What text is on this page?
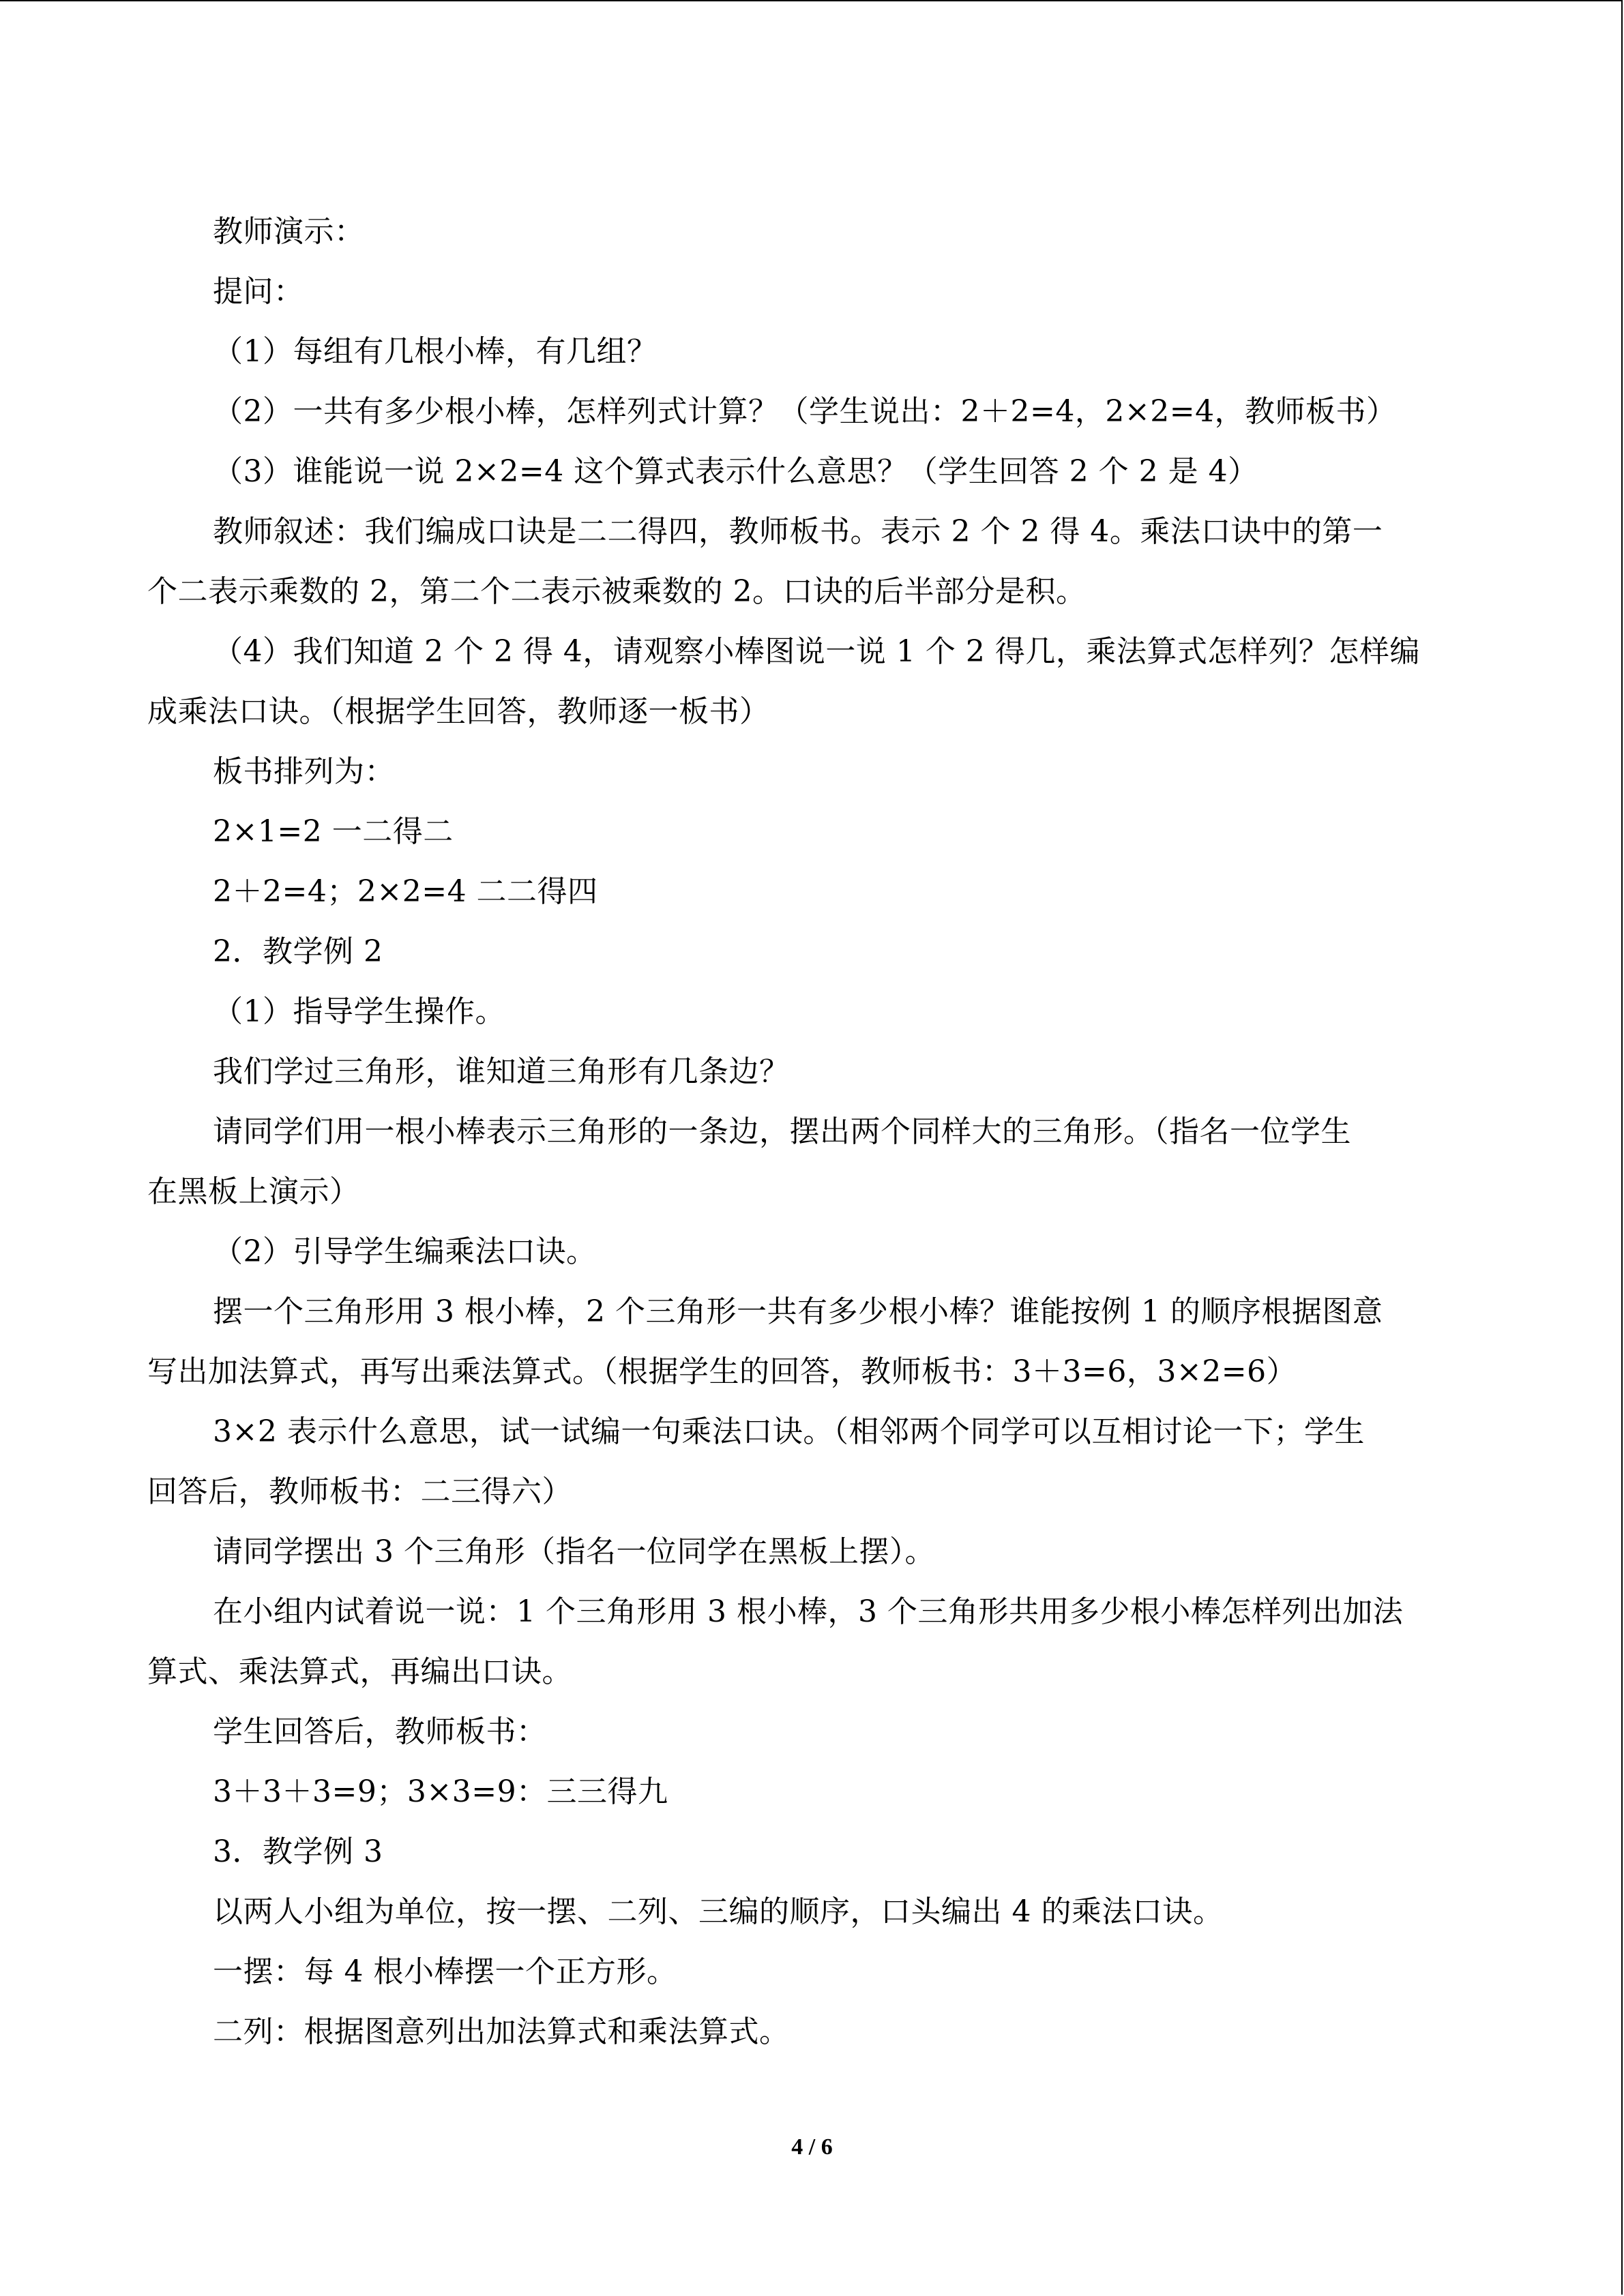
教师演示：

提问：

（1）每组有几根小棒，有几组？

（2）一共有多少根小棒，怎样列式计算？（学生说出：2＋2=4，2×2=4，教师板书）

（3）谁能说一说 2×2=4 这个算式表示什么意思？（学生回答 2 个 2 是 4）

教师叙述：我们编成口诀是二二得四，教师板书。表示 2 个 2 得 4。乘法口诀中的第一

个二表示乘数的 2，第二个二表示被乘数的 2。口诀的后半部分是积。

（4）我们知道 2 个 2 得 4，请观察小棒图说一说 1 个 2 得几，乘法算式怎样列？怎样编

成乘法口诀。（根据学生回答，教师逐一板书）

板书排列为：

2×1=2 一二得二

2＋2=4；2×2=4 二二得四

2．教学例 2

（1）指导学生操作。

我们学过三角形，谁知道三角形有几条边？

请同学们用一根小棒表示三角形的一条边，摆出两个同样大的三角形。（指名一位学生

在黑板上演示）

（2）引导学生编乘法口诀。

摆一个三角形用 3 根小棒，2 个三角形一共有多少根小棒？谁能按例 1 的顺序根据图意

写出加法算式，再写出乘法算式。（根据学生的回答，教师板书：3＋3=6，3×2=6）

3×2 表示什么意思，试一试编一句乘法口诀。（相邻两个同学可以互相讨论一下；学生

回答后，教师板书：二三得六）

请同学摆出 3 个三角形（指名一位同学在黑板上摆）。

在小组内试着说一说：1 个三角形用 3 根小棒，3 个三角形共用多少根小棒怎样列出加法

算式、乘法算式，再编出口诀。

学生回答后，教师板书：

3＋3＋3=9；3×3=9：三三得九

3．教学例 3

以两人小组为单位，按一摆、二列、三编的顺序，口头编出 4 的乘法口诀。

一摆：每 4 根小棒摆一个正方形。

二列：根据图意列出加法算式和乘法算式。

4 / 6
